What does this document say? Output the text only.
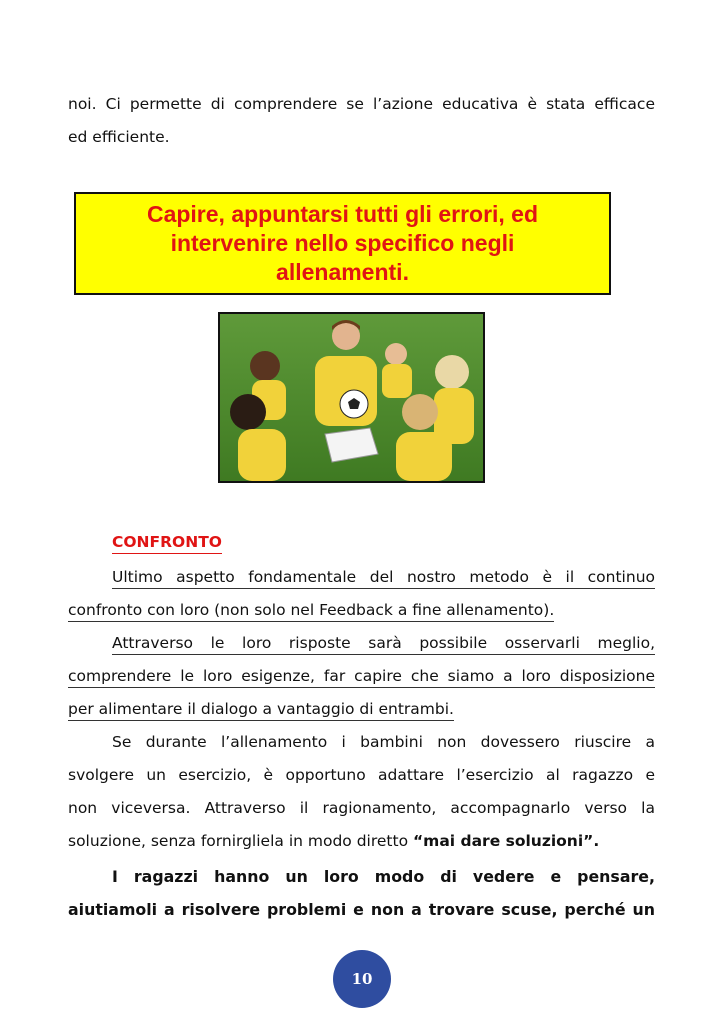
noi. Ci permette di comprendere se l’azione educativa è stata efficace
ed efficiente.
Capire, appuntarsi tutti gli errori, ed
intervenire nello specifico negli
allenamenti.
CONFRONTO
Ultimo aspetto fondamentale del nostro metodo è il continuo
confronto con loro (non solo nel Feedback a fine allenamento).
Attraverso le loro risposte sarà possibile osservarli meglio,
comprendere le loro esigenze, far capire che siamo a loro disposizione
per alimentare il dialogo a vantaggio di entrambi.
Se durante l’allenamento i bambini non dovessero riuscire a
svolgere un esercizio, è opportuno adattare l’esercizio al ragazzo e
non viceversa. Attraverso il ragionamento, accompagnarlo verso la
soluzione, senza fornirgliela in modo diretto “mai dare soluzioni”.
I ragazzi hanno un loro modo di vedere e pensare,
aiutiamoli a risolvere problemi e non a trovare scuse, perché un
10
